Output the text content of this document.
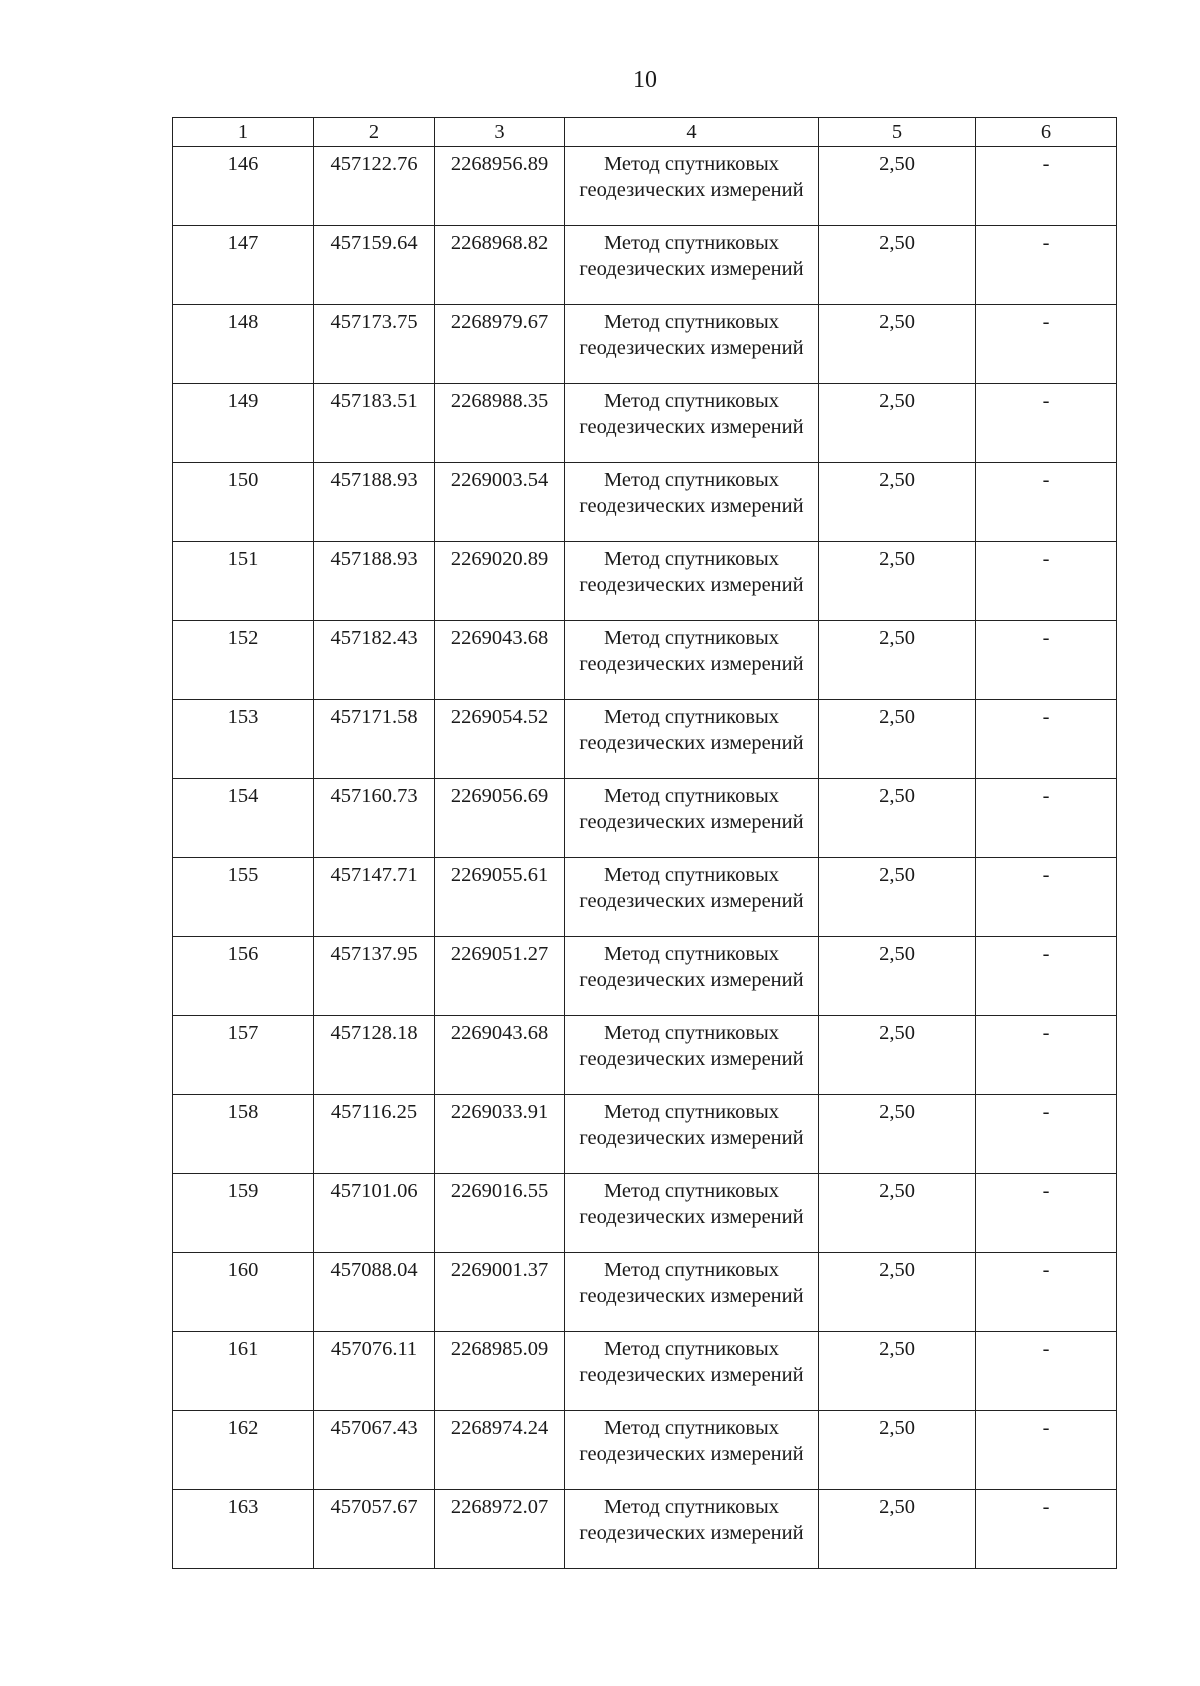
10
1	2	3	4	5	6
146	457122.76	2268956.89	Метод спутниковых геодезических измерений	2,50	-
147	457159.64	2268968.82	Метод спутниковых геодезических измерений	2,50	-
148	457173.75	2268979.67	Метод спутниковых геодезических измерений	2,50	-
149	457183.51	2268988.35	Метод спутниковых геодезических измерений	2,50	-
150	457188.93	2269003.54	Метод спутниковых геодезических измерений	2,50	-
151	457188.93	2269020.89	Метод спутниковых геодезических измерений	2,50	-
152	457182.43	2269043.68	Метод спутниковых геодезических измерений	2,50	-
153	457171.58	2269054.52	Метод спутниковых геодезических измерений	2,50	-
154	457160.73	2269056.69	Метод спутниковых геодезических измерений	2,50	-
155	457147.71	2269055.61	Метод спутниковых геодезических измерений	2,50	-
156	457137.95	2269051.27	Метод спутниковых геодезических измерений	2,50	-
157	457128.18	2269043.68	Метод спутниковых геодезических измерений	2,50	-
158	457116.25	2269033.91	Метод спутниковых геодезических измерений	2,50	-
159	457101.06	2269016.55	Метод спутниковых геодезических измерений	2,50	-
160	457088.04	2269001.37	Метод спутниковых геодезических измерений	2,50	-
161	457076.11	2268985.09	Метод спутниковых геодезических измерений	2,50	-
162	457067.43	2268974.24	Метод спутниковых геодезических измерений	2,50	-
163	457057.67	2268972.07	Метод спутниковых геодезических измерений	2,50	-
